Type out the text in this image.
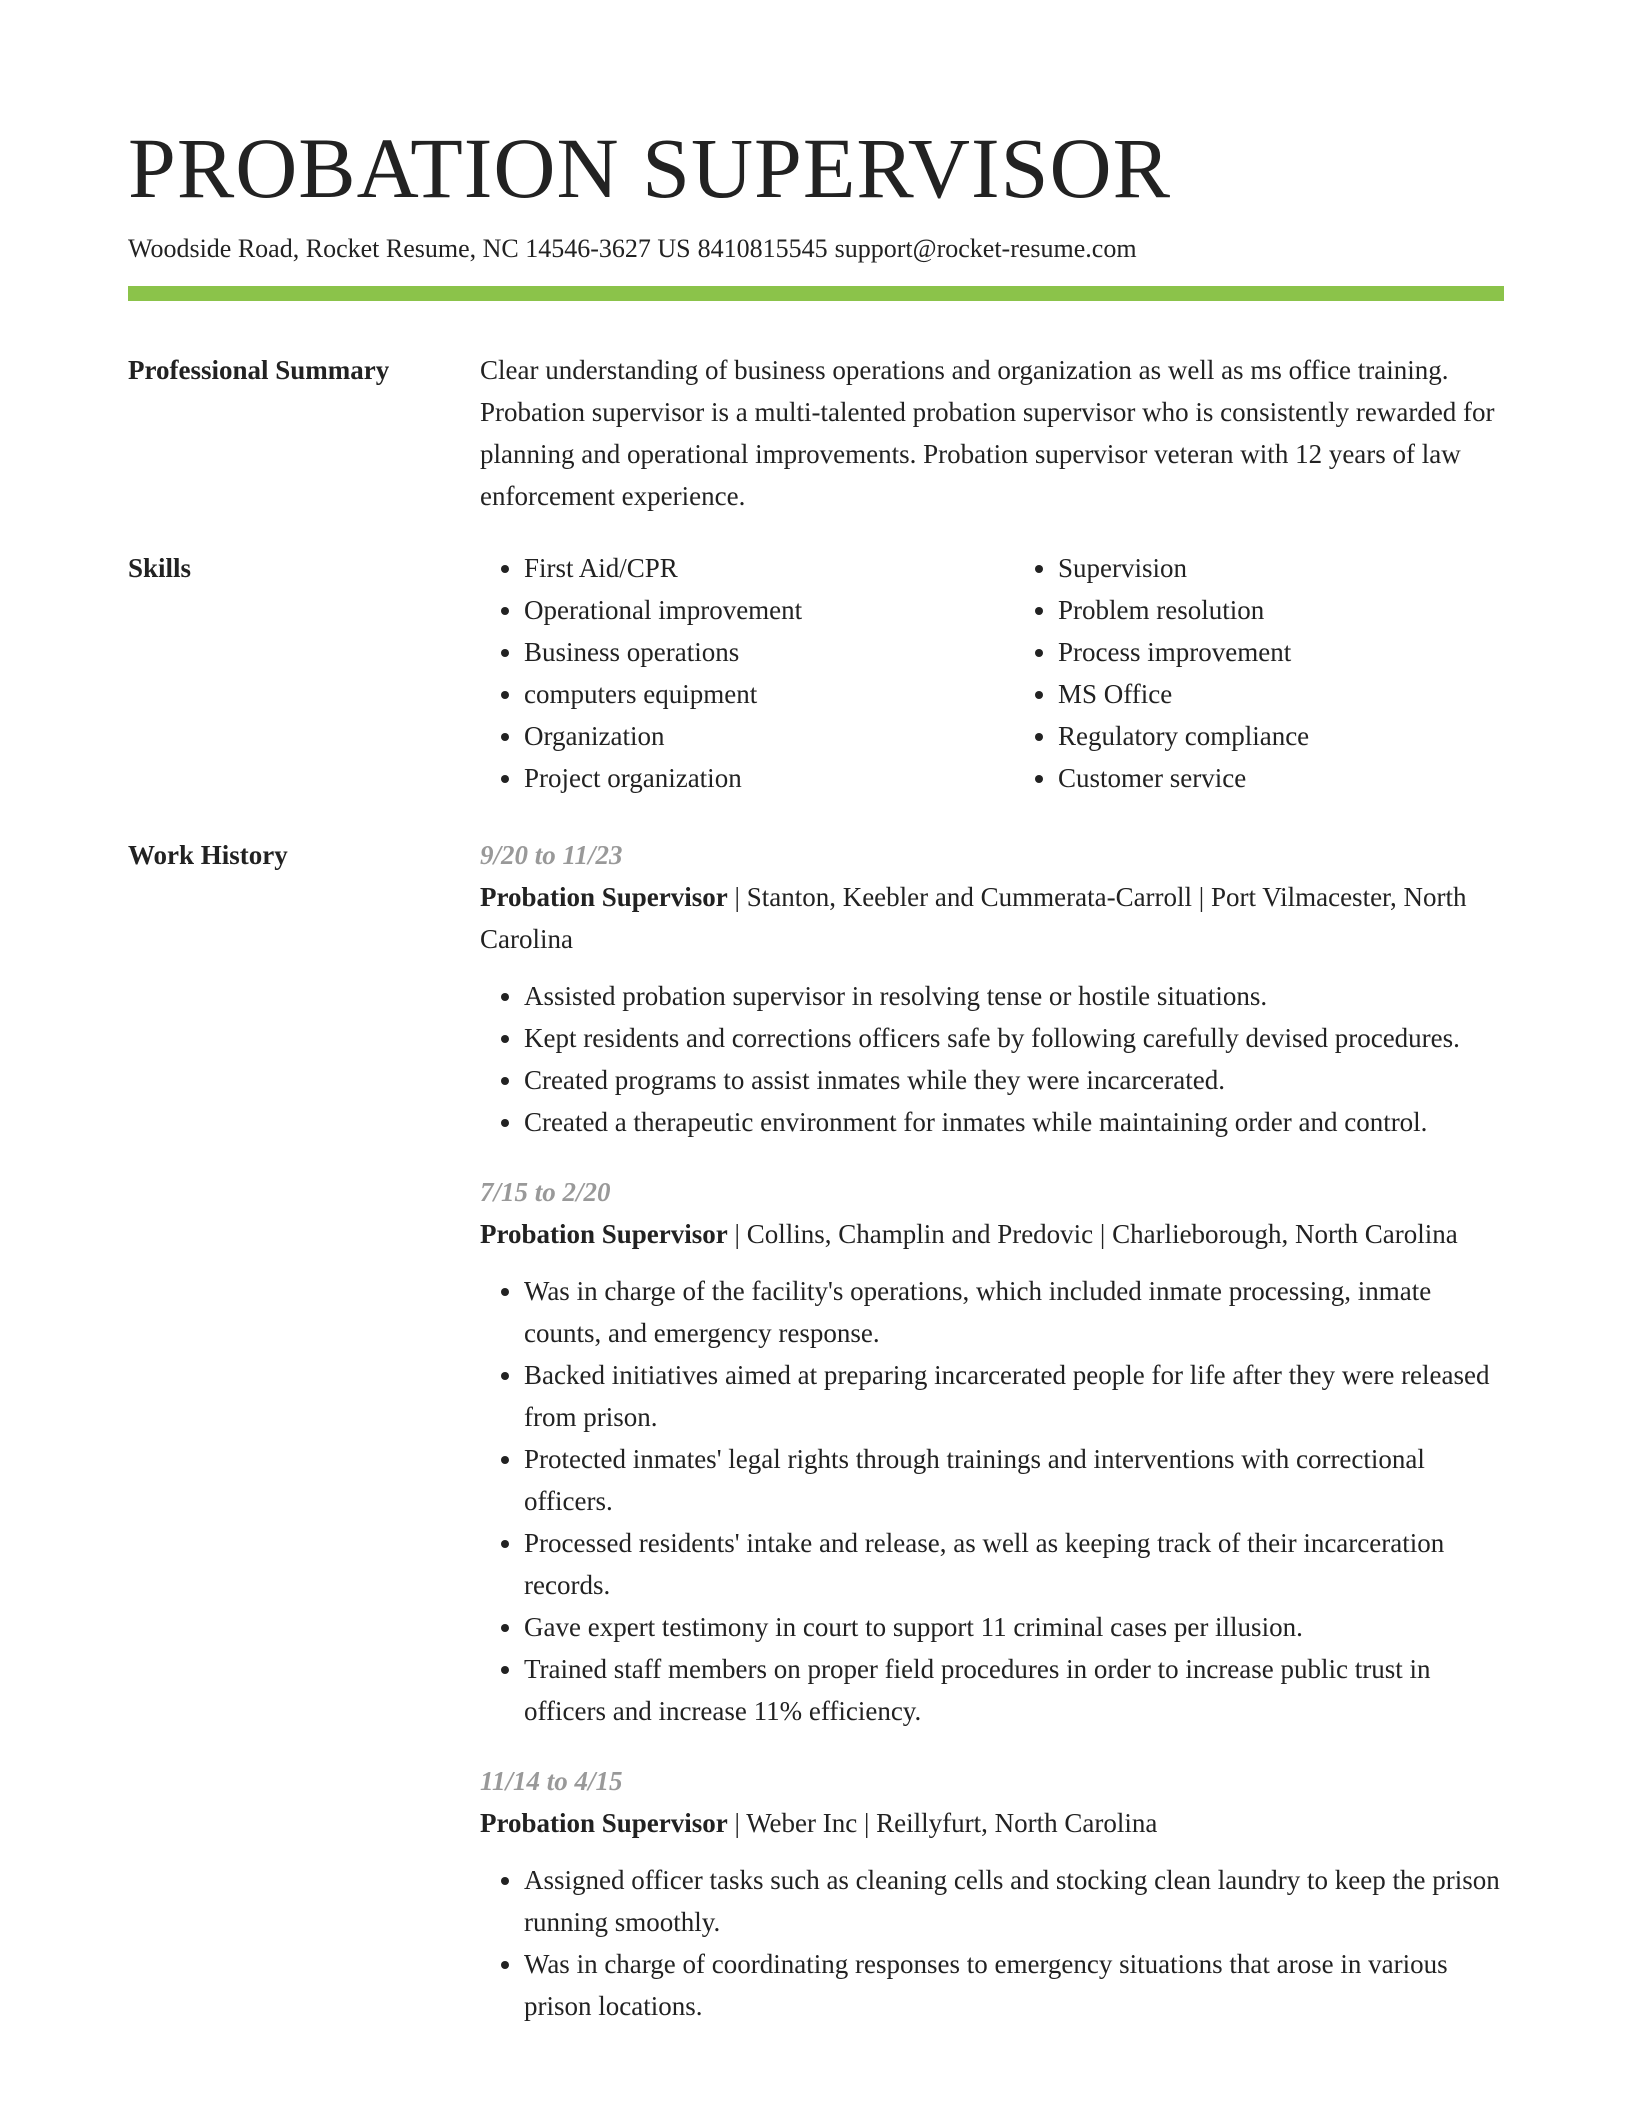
PROBATION SUPERVISOR
Woodside Road, Rocket Resume, NC 14546-3627 US 8410815545 support@rocket-resume.com
Professional Summary	Clear understanding of business operations and organization as well as ms office training. Probation supervisor is a multi-talented probation supervisor who is consistently rewarded for planning and operational improvements. Probation supervisor veteran with 12 years of law enforcement experience.

Skills
•	First Aid/CPR
• Operational improvement
• Business operations
• computers equipment
• Organization
• Project organization
• Supervision
• Problem resolution
• Process improvement
• MS Office
• Regulatory compliance
• Customer service
Work History	9/20 to 11/23
Probation Supervisor | Stanton, Keebler and Cummerata-Carroll | Port Vilmacester, North Carolina
• Assisted probation supervisor in resolving tense or hostile situations.
• Kept residents and corrections officers safe by following carefully devised procedures.
• Created programs to assist inmates while they were incarcerated.
• Created a therapeutic environment for inmates while maintaining order and control.
7/15 to 2/20
Probation Supervisor | Collins, Champlin and Predovic | Charlieborough, North Carolina
• Was in charge of the facility's operations, which included inmate processing, inmate counts, and emergency response.
• Backed initiatives aimed at preparing incarcerated people for life after they were released from prison.
• Protected inmates' legal rights through trainings and interventions with correctional officers.
• Processed residents' intake and release, as well as keeping track of their incarceration records.
• Gave expert testimony in court to support 11 criminal cases per illusion.
• Trained staff members on proper field procedures in order to increase public trust in officers and increase 11% efficiency.
11/14 to 4/15
Probation Supervisor | Weber Inc | Reillyfurt, North Carolina
• Assigned officer tasks such as cleaning cells and stocking clean laundry to keep the prison running smoothly.
• Was in charge of coordinating responses to emergency situations that arose in various prison locations.
